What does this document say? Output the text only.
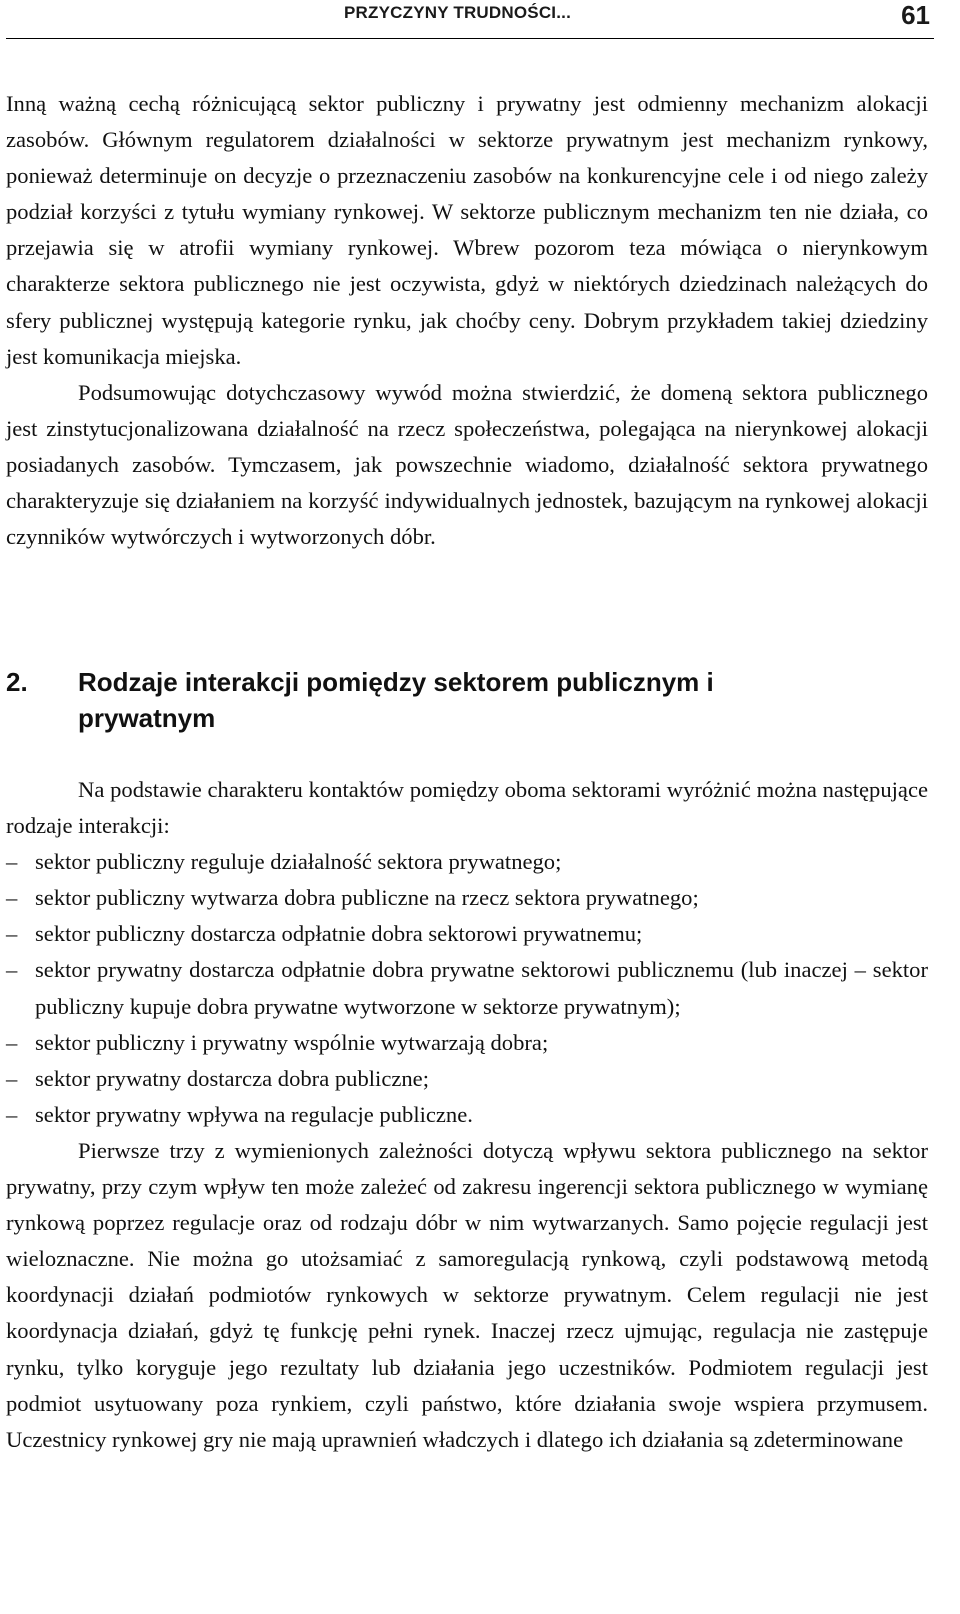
PRZYCZYNY TRUDNOŚCI...	61

Inną ważną cechą różnicującą sektor publiczny i prywatny jest odmienny mechanizm alokacji zasobów. Głównym regulatorem działalności w sektorze prywatnym jest mechanizm rynkowy, ponieważ determinuje on decyzje o przeznaczeniu zasobów na konkurencyjne cele i od niego zależy podział korzyści z tytułu wymiany rynkowej. W sektorze publicznym mechanizm ten nie działa, co przejawia się w atrofii wymiany rynkowej. Wbrew pozorom teza mówiąca o nierynkowym charakterze sektora publicznego nie jest oczywista, gdyż w niektórych dziedzinach należących do sfery publicznej występują kategorie rynku, jak choćby ceny. Dobrym przykładem takiej dziedziny jest komunikacja miejska.

Podsumowując dotychczasowy wywód można stwierdzić, że domeną sektora publicznego jest zinstytucjonalizowana działalność na rzecz społeczeństwa, polegająca na nierynkowej alokacji posiadanych zasobów. Tymczasem, jak powszechnie wiadomo, działalność sektora prywatnego charakteryzuje się działaniem na korzyść indywidualnych jednostek, bazującym na rynkowej alokacji czynników wytwórczych i wytworzonych dóbr.

2. Rodzaje interakcji pomiędzy sektorem publicznym i prywatnym

Na podstawie charakteru kontaktów pomiędzy oboma sektorami wyróżnić można następujące rodzaje interakcji:

– sektor publiczny reguluje działalność sektora prywatnego;
– sektor publiczny wytwarza dobra publiczne na rzecz sektora prywatnego;
– sektor publiczny dostarcza odpłatnie dobra sektorowi prywatnemu;
– sektor prywatny dostarcza odpłatnie dobra prywatne sektorowi publicznemu (lub inaczej – sektor publiczny kupuje dobra prywatne wytworzone w sektorze prywatnym);
– sektor publiczny i prywatny wspólnie wytwarzają dobra;
– sektor prywatny dostarcza dobra publiczne;
– sektor prywatny wpływa na regulacje publiczne.

Pierwsze trzy z wymienionych zależności dotyczą wpływu sektora publicznego na sektor prywatny, przy czym wpływ ten może zależeć od zakresu ingerencji sektora publicznego w wymianę rynkową poprzez regulacje oraz od rodzaju dóbr w nim wytwarzanych. Samo pojęcie regulacji jest wieloznaczne. Nie można go utożsamiać z samoregulacją rynkową, czyli podstawową metodą koordynacji działań podmiotów rynkowych w sektorze prywatnym. Celem regulacji nie jest koordynacja działań, gdyż tę funkcję pełni rynek. Inaczej rzecz ujmując, regulacja nie zastępuje rynku, tylko koryguje jego rezultaty lub działania jego uczestników. Podmiotem regulacji jest podmiot usytuowany poza rynkiem, czyli państwo, które działania swoje wspiera przymusem. Uczestnicy rynkowej gry nie mają uprawnień władczych i dlatego ich działania są zdeterminowane
